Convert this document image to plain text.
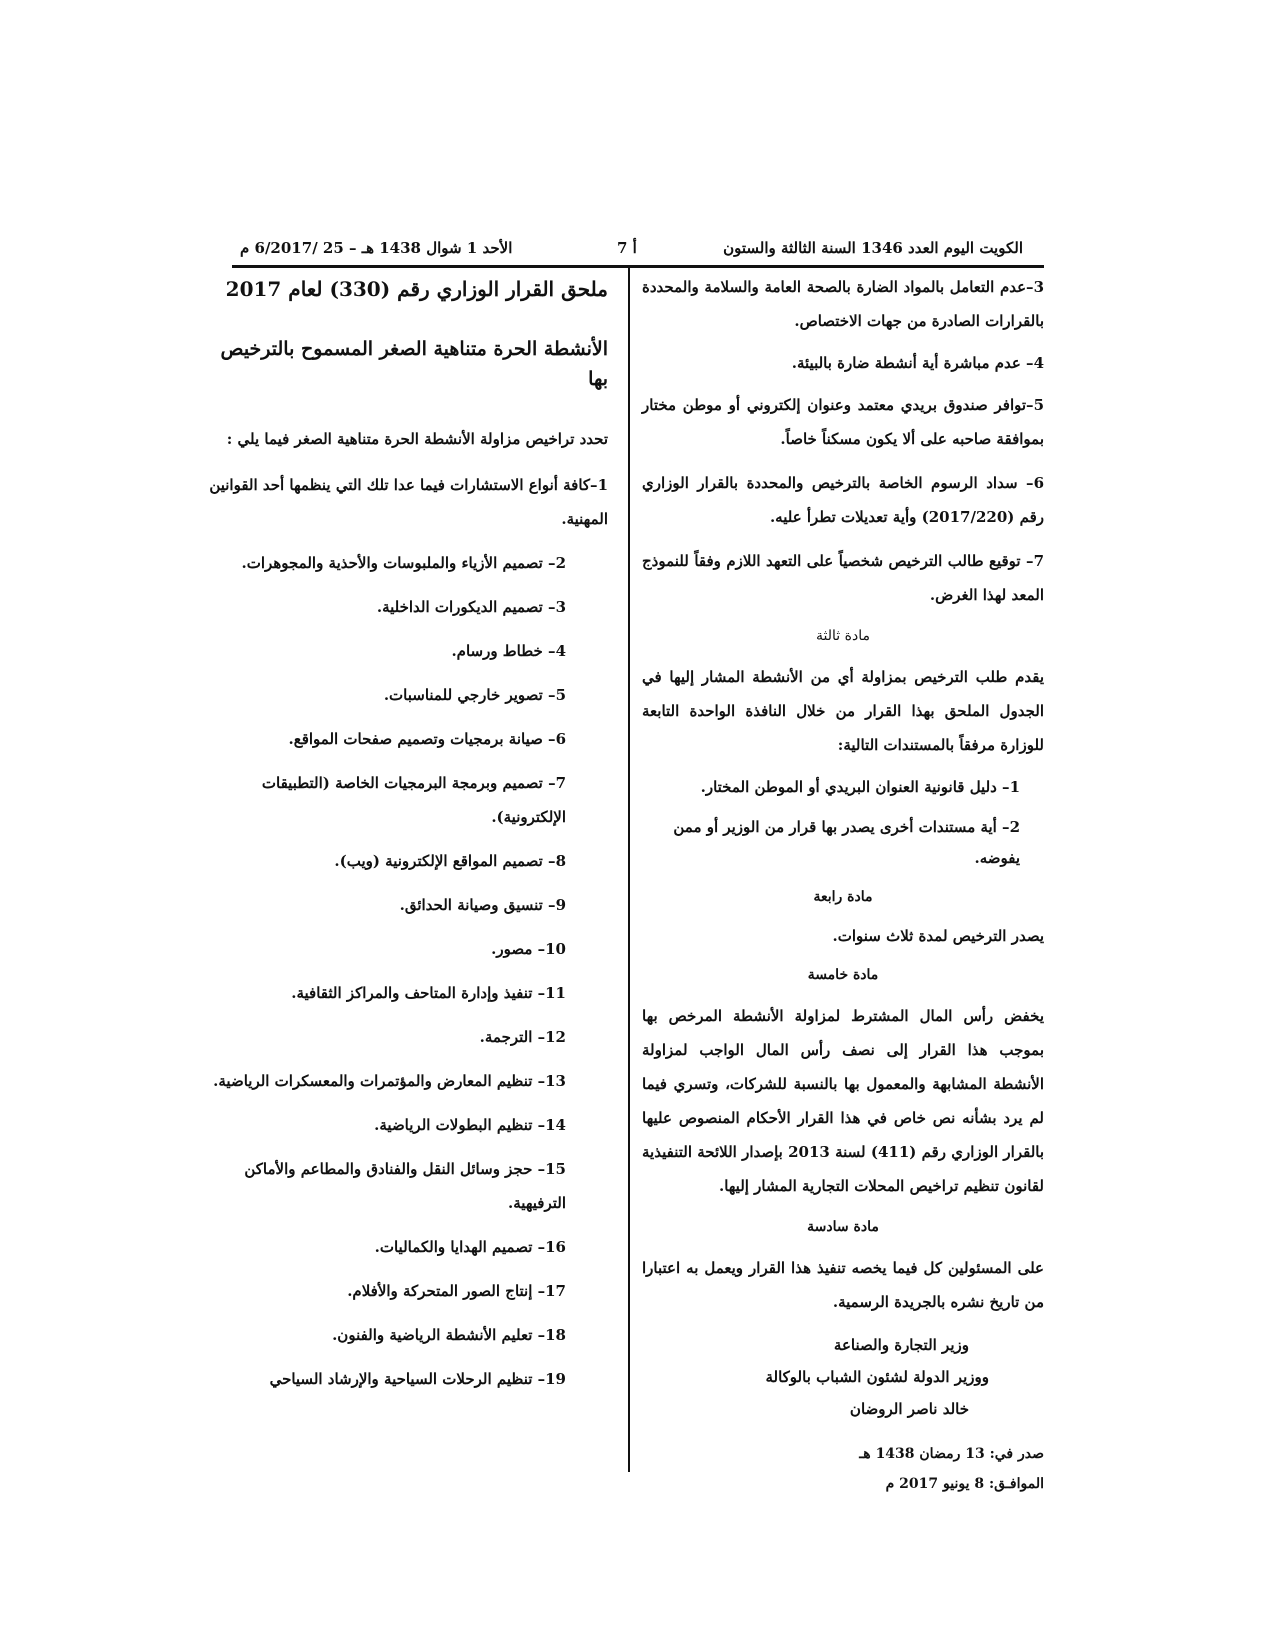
الكويت اليوم العدد 1346 السنة الثالثة والستون
أ 7
الأحد 1 شوال 1438 هـ – 25 /6/2017 م

3–عدم التعامل بالمواد الضارة بالصحة العامة والسلامة والمحددة بالقرارات الصادرة من جهات الاختصاص.

4– عدم مباشرة أية أنشطة ضارة بالبيئة.

5–توافر صندوق بريدي معتمد وعنوان إلكتروني أو موطن مختار بموافقة صاحبه على ألا يكون مسكناً خاصاً.

6– سداد الرسوم الخاصة بالترخيص والمحددة بالقرار الوزاري رقم (2017/220) وأية تعديلات تطرأ عليه.

7– توقيع طالب الترخيص شخصياً على التعهد اللازم وفقاً للنموذج المعد لهذا الغرض.

مادة ثالثة

يقدم طلب الترخيص بمزاولة أي من الأنشطة المشار إليها في الجدول الملحق بهذا القرار من خلال النافذة الواحدة التابعة للوزارة مرفقاً بالمستندات التالية:

1– دليل قانونية العنوان البريدي أو الموطن المختار.

2– أية مستندات أخرى يصدر بها قرار من الوزير أو ممن يفوضه.

مادة رابعة

يصدر الترخيص لمدة ثلاث سنوات.

مادة خامسة

يخفض رأس المال المشترط لمزاولة الأنشطة المرخص بها بموجب هذا القرار إلى نصف رأس المال الواجب لمزاولة الأنشطة المشابهة والمعمول بها بالنسبة للشركات، وتسري فيما لم يرد بشأنه نص خاص في هذا القرار الأحكام المنصوص عليها بالقرار الوزاري رقم (411) لسنة 2013 بإصدار اللائحة التنفيذية لقانون تنظيم تراخيص المحلات التجارية المشار إليها.

مادة سادسة

على المسئولين كل فيما يخصه تنفيذ هذا القرار ويعمل به اعتبارا من تاريخ نشره بالجريدة الرسمية.

وزير التجارة والصناعة

ووزير الدولة لشئون الشباب بالوكالة

خالد ناصر الروضان

صدر في: 13 رمضان 1438 هـ

الموافـق: 8 يونيو 2017 م

ملحق القرار الوزاري رقم (330) لعام 2017
الأنشطة الحرة متناهية الصغر المسموح بالترخيص بها

تحدد تراخيص مزاولة الأنشطة الحرة متناهية الصغر فيما يلي :

1–كافة أنواع الاستشارات فيما عدا تلك التي ينظمها أحد القوانين المهنية.

2– تصميم الأزياء والملبوسات والأحذية والمجوهرات.

3– تصميم الديكورات الداخلية.

4– خطاط ورسام.

5– تصوير خارجي للمناسبات.

6– صيانة برمجيات وتصميم صفحات المواقع.

7– تصميم وبرمجة البرمجيات الخاصة (التطبيقات الإلكترونية).

8– تصميم المواقع الإلكترونية (ويب).

9– تنسيق وصيانة الحدائق.

10– مصور.

11– تنفيذ وإدارة المتاحف والمراكز الثقافية.

12– الترجمة.

13– تنظيم المعارض والمؤتمرات والمعسكرات الرياضية.

14– تنظيم البطولات الرياضية.

15– حجز وسائل النقل والفنادق والمطاعم والأماكن الترفيهية.

16– تصميم الهدايا والكماليات.

17– إنتاج الصور المتحركة والأفلام.

18– تعليم الأنشطة الرياضية والفنون.

19– تنظيم الرحلات السياحية والإرشاد السياحي
